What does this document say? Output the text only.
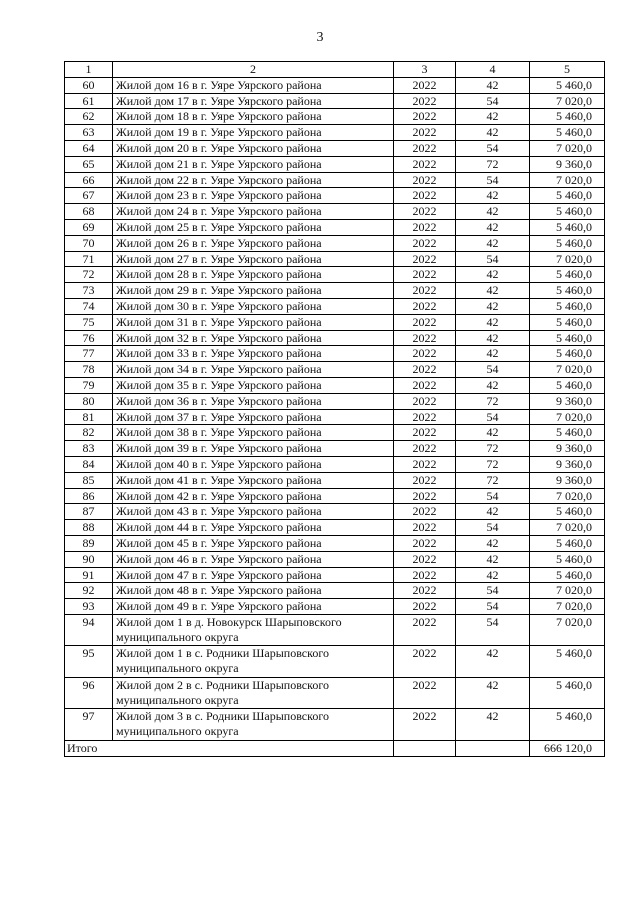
3
1	2	3	4	5
60	Жилой дом 16 в г. Уяре Уярского района	2022	42	5 460,0
61	Жилой дом 17 в г. Уяре Уярского района	2022	54	7 020,0
62	Жилой дом 18 в г. Уяре Уярского района	2022	42	5 460,0
63	Жилой дом 19 в г. Уяре Уярского района	2022	42	5 460,0
64	Жилой дом 20 в г. Уяре Уярского района	2022	54	7 020,0
65	Жилой дом 21 в г. Уяре Уярского района	2022	72	9 360,0
66	Жилой дом 22 в г. Уяре Уярского района	2022	54	7 020,0
67	Жилой дом 23 в г. Уяре Уярского района	2022	42	5 460,0
68	Жилой дом 24 в г. Уяре Уярского района	2022	42	5 460,0
69	Жилой дом 25 в г. Уяре Уярского района	2022	42	5 460,0
70	Жилой дом 26 в г. Уяре Уярского района	2022	42	5 460,0
71	Жилой дом 27 в г. Уяре Уярского района	2022	54	7 020,0
72	Жилой дом 28 в г. Уяре Уярского района	2022	42	5 460,0
73	Жилой дом 29 в г. Уяре Уярского района	2022	42	5 460,0
74	Жилой дом 30 в г. Уяре Уярского района	2022	42	5 460,0
75	Жилой дом 31 в г. Уяре Уярского района	2022	42	5 460,0
76	Жилой дом 32 в г. Уяре Уярского района	2022	42	5 460,0
77	Жилой дом 33 в г. Уяре Уярского района	2022	42	5 460,0
78	Жилой дом 34 в г. Уяре Уярского района	2022	54	7 020,0
79	Жилой дом 35 в г. Уяре Уярского района	2022	42	5 460,0
80	Жилой дом 36 в г. Уяре Уярского района	2022	72	9 360,0
81	Жилой дом 37 в г. Уяре Уярского района	2022	54	7 020,0
82	Жилой дом 38 в г. Уяре Уярского района	2022	42	5 460,0
83	Жилой дом 39 в г. Уяре Уярского района	2022	72	9 360,0
84	Жилой дом 40 в г. Уяре Уярского района	2022	72	9 360,0
85	Жилой дом 41 в г. Уяре Уярского района	2022	72	9 360,0
86	Жилой дом 42 в г. Уяре Уярского района	2022	54	7 020,0
87	Жилой дом 43 в г. Уяре Уярского района	2022	42	5 460,0
88	Жилой дом 44 в г. Уяре Уярского района	2022	54	7 020,0
89	Жилой дом 45 в г. Уяре Уярского района	2022	42	5 460,0
90	Жилой дом 46 в г. Уяре Уярского района	2022	42	5 460,0
91	Жилой дом 47 в г. Уяре Уярского района	2022	42	5 460,0
92	Жилой дом 48 в г. Уяре Уярского района	2022	54	7 020,0
93	Жилой дом 49 в г. Уяре Уярского района	2022	54	7 020,0
94	Жилой дом 1 в д. Новокурск Шарыповского муниципального округа	2022	54	7 020,0
95	Жилой дом 1 в с. Родники Шарыповского муниципального округа	2022	42	5 460,0
96	Жилой дом 2 в с. Родники Шарыповского муниципального округа	2022	42	5 460,0
97	Жилой дом 3 в с. Родники Шарыповского муниципального округа	2022	42	5 460,0
Итого				666 120,0
